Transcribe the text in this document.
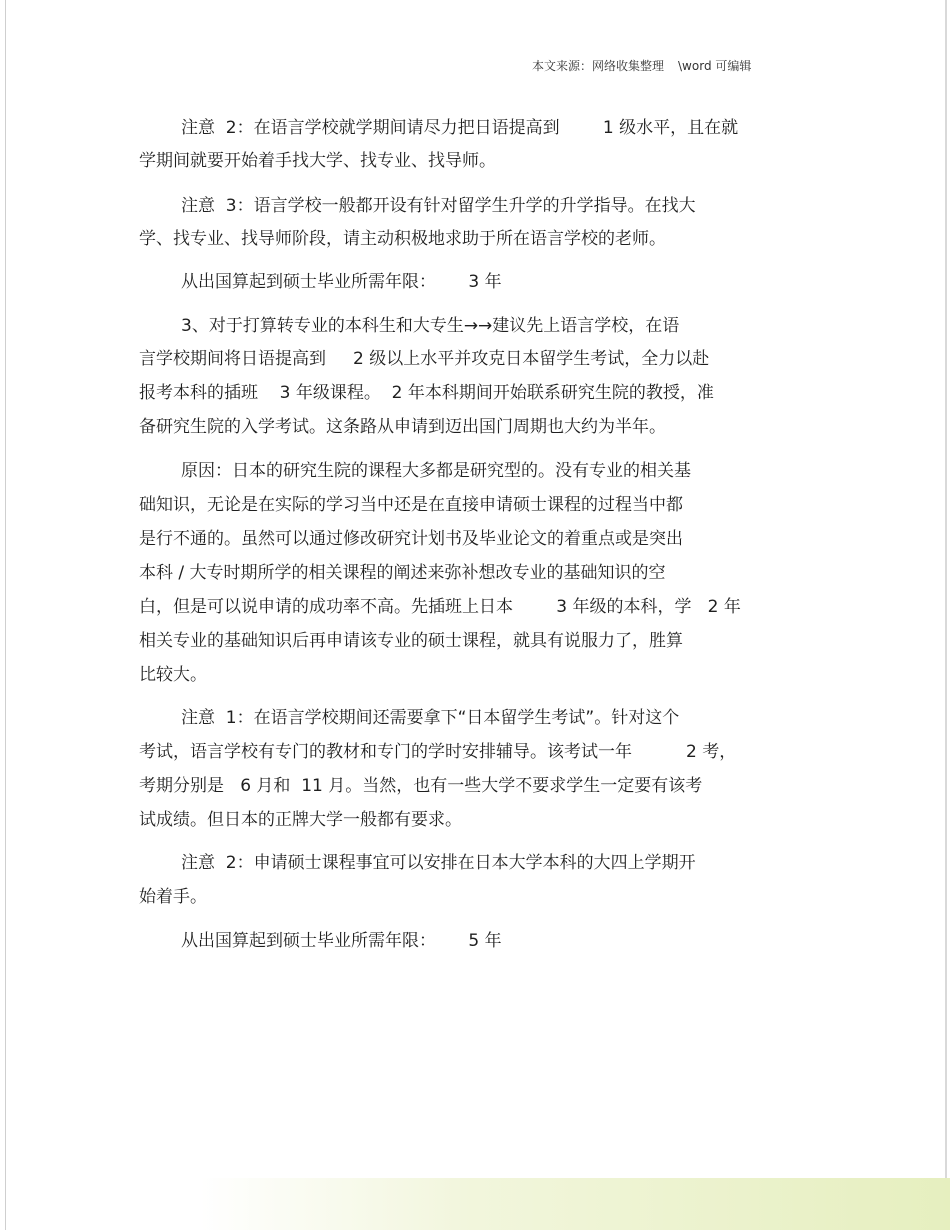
本文来源：网络收集整理 \word 可编辑
注意  2：在语言学校就学期间请尽力把日语提高到        1 级水平，且在就
学期间就要开始着手找大学、找专业、找导师。
注意  3：语言学校一般都开设有针对留学生升学的升学指导。在找大
学、找专业、找导师阶段，请主动积极地求助于所在语言学校的老师。
从出国算起到硕士毕业所需年限：      3 年
3、对于打算转专业的本科生和大专生→→建议先上语言学校，在语
言学校期间将日语提高到     2 级以上水平并攻克日本留学生考试，全力以赴
报考本科的插班    3 年级课程。  2 年本科期间开始联系研究生院的教授，准
备研究生院的入学考试。这条路从申请到迈出国门周期也大约为半年。
原因：日本的研究生院的课程大多都是研究型的。没有专业的相关基
础知识，无论是在实际的学习当中还是在直接申请硕士课程的过程当中都
是行不通的。虽然可以通过修改研究计划书及毕业论文的着重点或是突出
本科 / 大专时期所学的相关课程的阐述来弥补想改专业的基础知识的空
白，但是可以说申请的成功率不高。先插班上日本        3 年级的本科，学   2 年
相关专业的基础知识后再申请该专业的硕士课程，就具有说服力了，胜算
比较大。
注意  1：在语言学校期间还需要拿下“日本留学生考试”。针对这个
考试，语言学校有专门的教材和专门的学时安排辅导。该考试一年          2 考，
考期分别是   6 月和  11 月。当然，也有一些大学不要求学生一定要有该考
试成绩。但日本的正牌大学一般都有要求。
注意  2：申请硕士课程事宜可以安排在日本大学本科的大四上学期开
始着手。
从出国算起到硕士毕业所需年限：      5 年
